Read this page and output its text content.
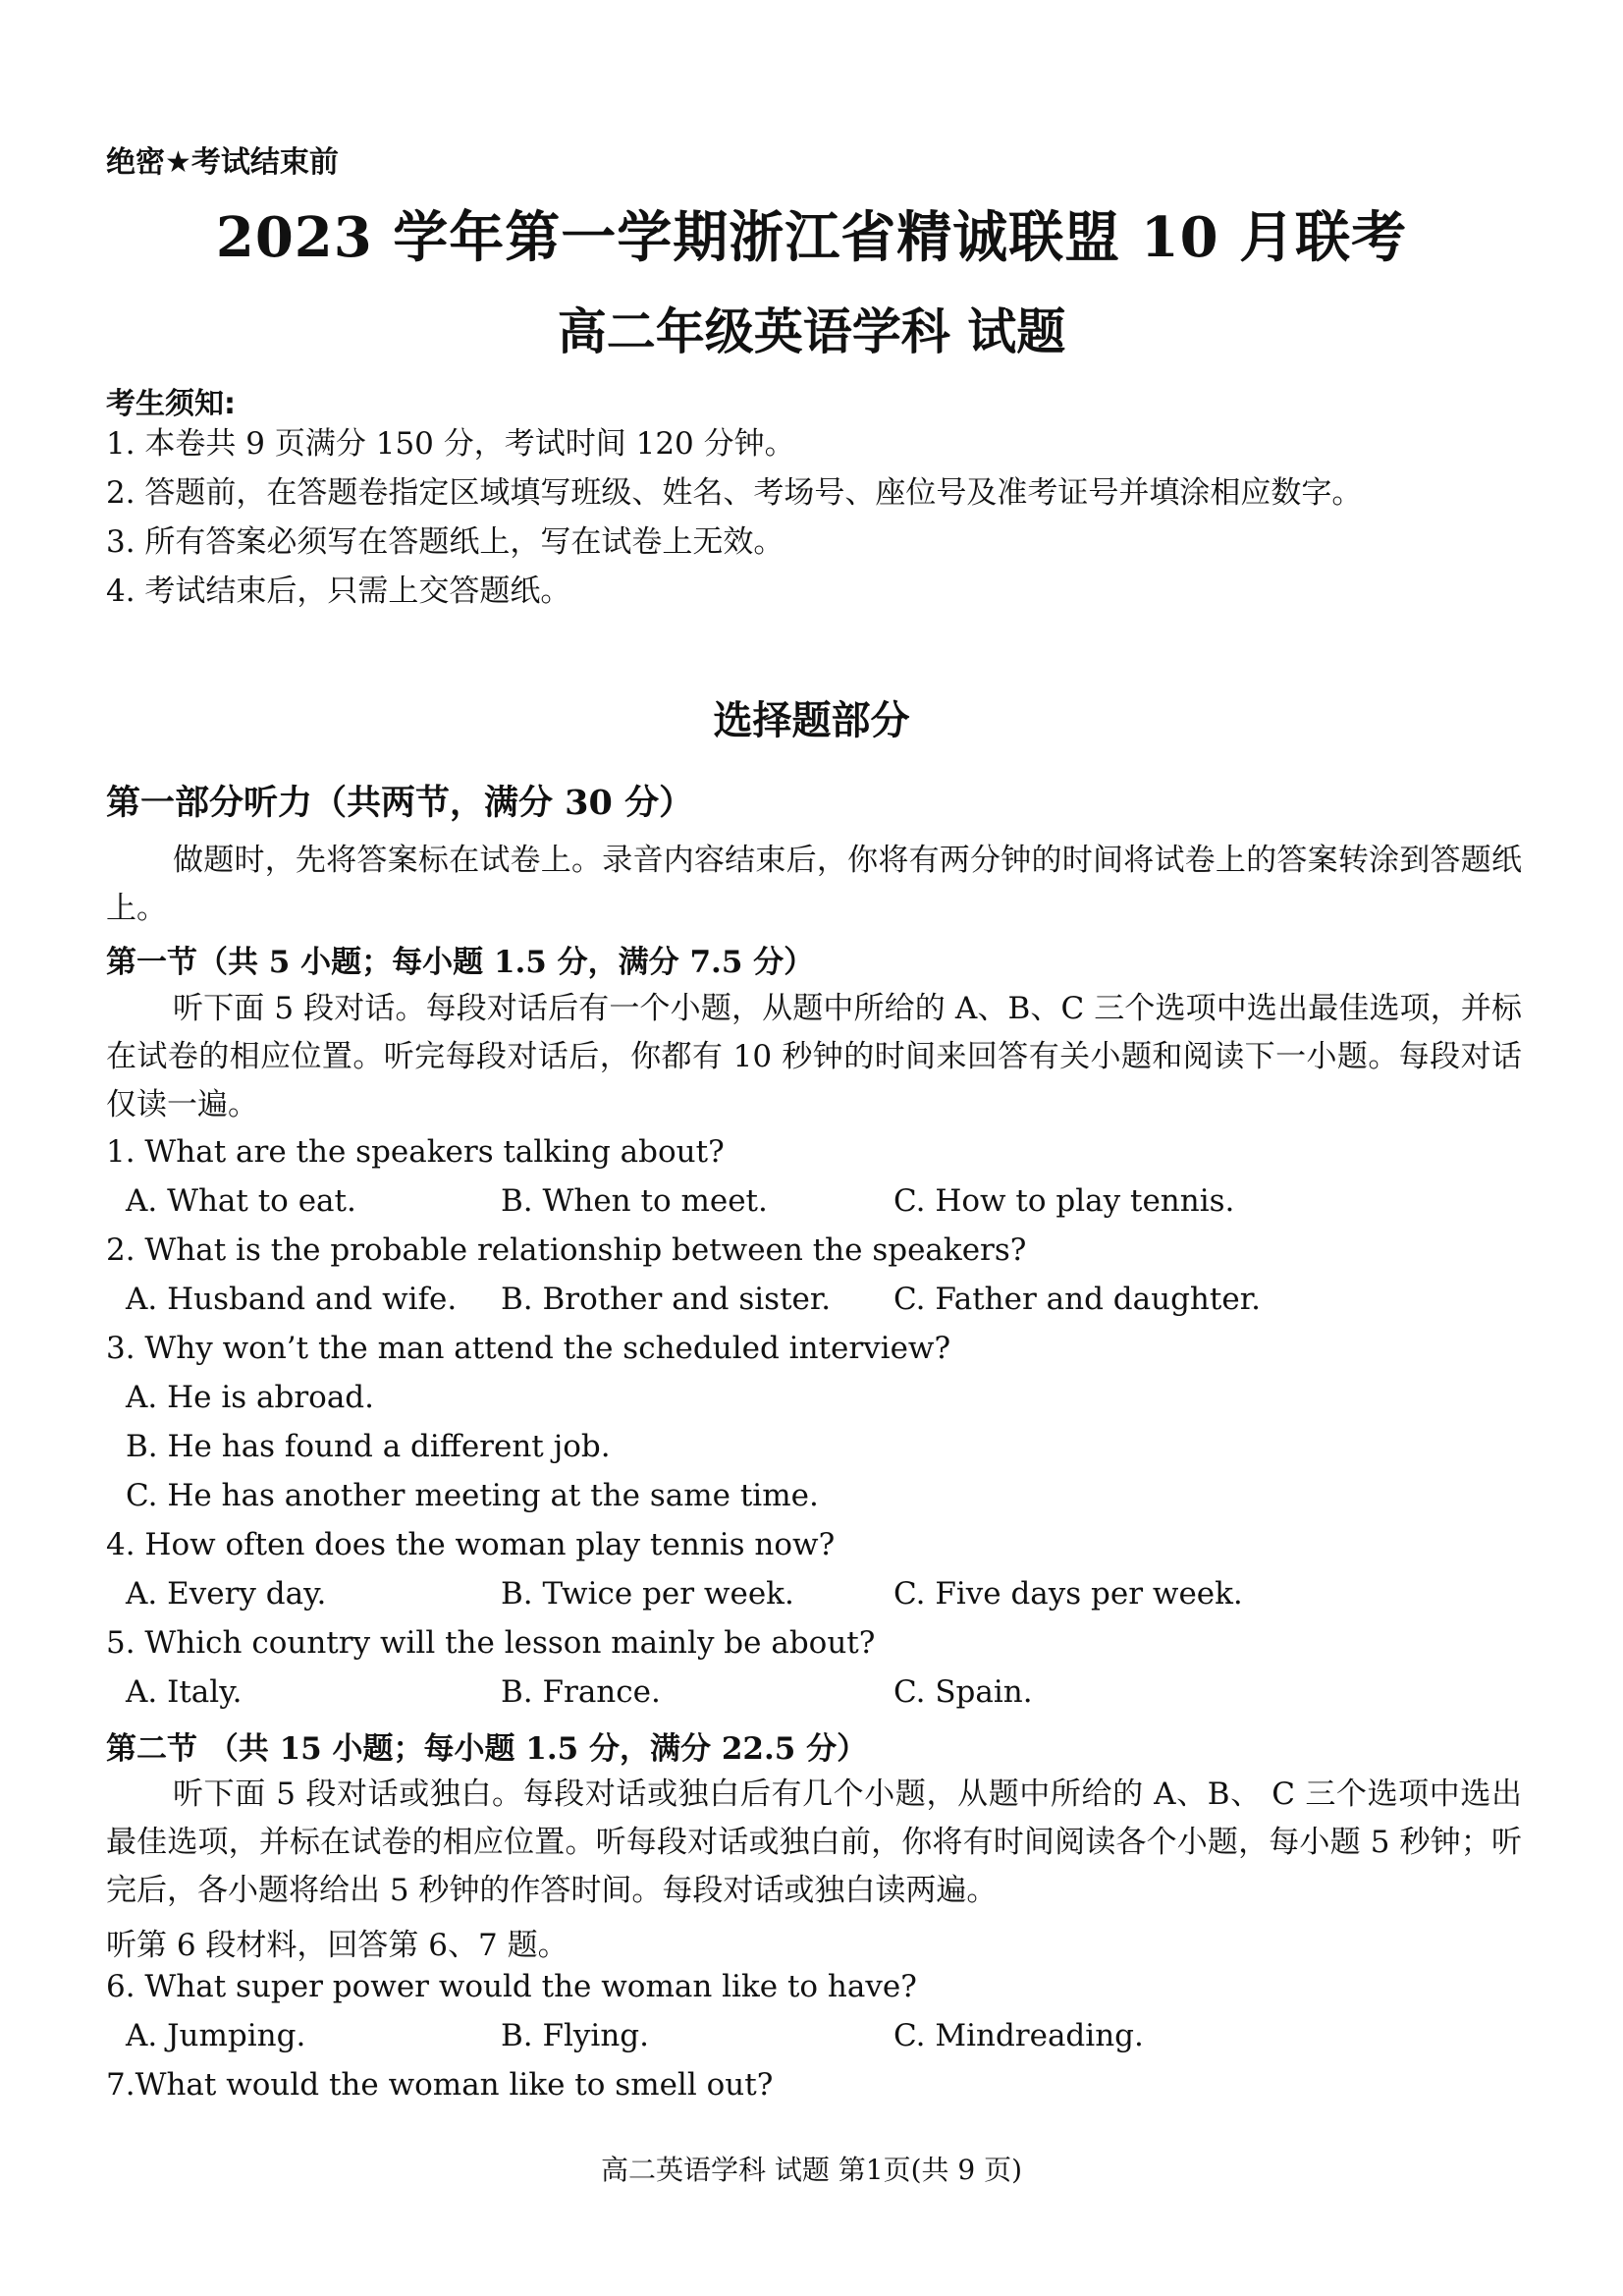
绝密★考试结束前
2023 学年第一学期浙江省精诚联盟 10 月联考
高二年级英语学科 试题
考生须知:
1. 本卷共 9 页满分 150 分，考试时间 120 分钟。
2. 答题前，在答题卷指定区域填写班级、姓名、考场号、座位号及准考证号并填涂相应数字。
3. 所有答案必须写在答题纸上，写在试卷上无效。
4. 考试结束后，只需上交答题纸。
选择题部分
第一部分听力（共两节，满分 30 分）
做题时，先将答案标在试卷上。录音内容结束后，你将有两分钟的时间将试卷上的答案转涂到答题纸上。
第一节（共 5 小题；每小题 1.5 分，满分 7.5 分）
听下面 5 段对话。每段对话后有一个小题，从题中所给的 A、B、C 三个选项中选出最佳选项，并标在试卷的相应位置。听完每段对话后，你都有 10 秒钟的时间来回答有关小题和阅读下一小题。每段对话仅读一遍。
1. What are the speakers talking about?
A. What to eat.	B. When to meet.	C. How to play tennis.
2. What is the probable relationship between the speakers?
A. Husband and wife. B. Brother and sister. C. Father and daughter.
3. Why won’t the man attend the scheduled interview?
A. He is abroad.
B. He has found a different job.
C. He has another meeting at the same time.
4. How often does the woman play tennis now?
A. Every day.	B. Twice per week.	C. Five days per week.
5. Which country will the lesson mainly be about?
A. Italy.	B. France.	C. Spain.
第二节 （共 15 小题；每小题 1.5 分，满分 22.5 分）
听下面 5 段对话或独白。每段对话或独白后有几个小题，从题中所给的 A、B、 C 三个选项中选出最佳选项，并标在试卷的相应位置。听每段对话或独白前，你将有时间阅读各个小题，每小题 5 秒钟；听完后，各小题将给出 5 秒钟的作答时间。每段对话或独白读两遍。
听第 6 段材料，回答第 6、7 题。
6. What super power would the woman like to have?
A. Jumping.	B. Flying.	C. Mindreading.
7.What would the woman like to smell out?
高二英语学科 试题 第1页(共 9 页)
